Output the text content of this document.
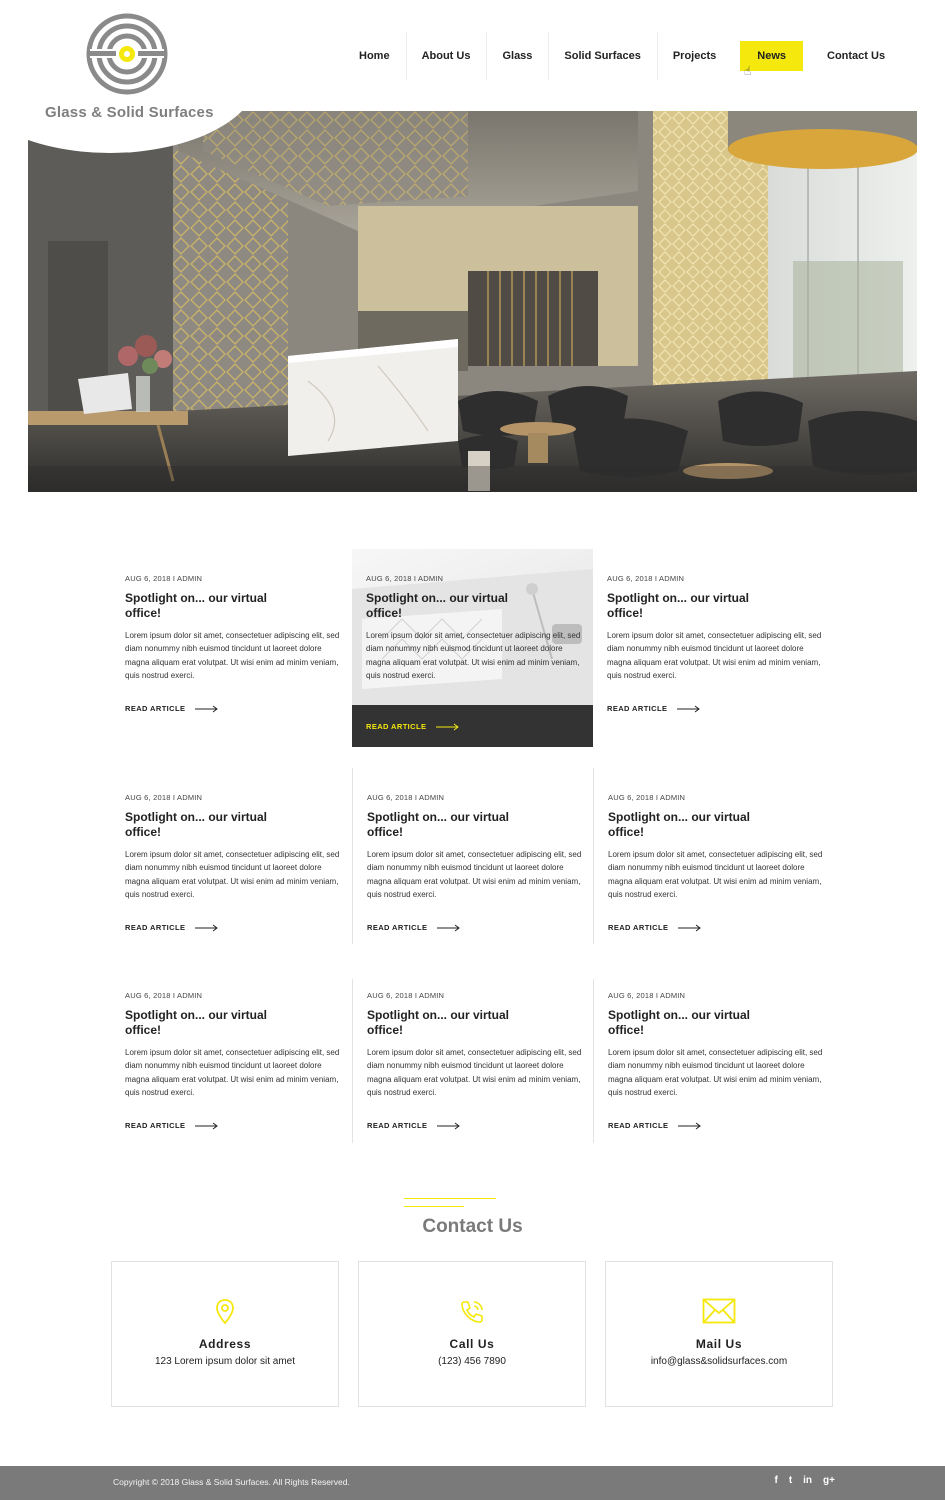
Glass & Solid Surfaces
Home	About Us	Glass	Solid Surfaces	Projects	News	Contact Us
☝
AUG 6, 2018 I ADMIN
Spotlight on... our virtual office!
Lorem ipsum dolor sit amet, consectetuer adipiscing elit, sed diam nonummy nibh euismod tincidunt ut laoreet dolore magna aliquam erat volutpat. Ut wisi enim ad minim veniam, quis nostrud exerci.
READ ARTICLE
AUG 6, 2018 I ADMIN
Spotlight on... our virtual office!
Lorem ipsum dolor sit amet, consectetuer adipiscing elit, sed diam nonummy nibh euismod tincidunt ut laoreet dolore magna aliquam erat volutpat. Ut wisi enim ad minim veniam, quis nostrud exerci.
READ ARTICLE
AUG 6, 2018 I ADMIN
Spotlight on... our virtual office!
Lorem ipsum dolor sit amet, consectetuer adipiscing elit, sed diam nonummy nibh euismod tincidunt ut laoreet dolore magna aliquam erat volutpat. Ut wisi enim ad minim veniam, quis nostrud exerci.
READ ARTICLE
AUG 6, 2018 I ADMIN
Spotlight on... our virtual office!
Lorem ipsum dolor sit amet, consectetuer adipiscing elit, sed diam nonummy nibh euismod tincidunt ut laoreet dolore magna aliquam erat volutpat. Ut wisi enim ad minim veniam, quis nostrud exerci.
READ ARTICLE
AUG 6, 2018 I ADMIN
Spotlight on... our virtual office!
Lorem ipsum dolor sit amet, consectetuer adipiscing elit, sed diam nonummy nibh euismod tincidunt ut laoreet dolore magna aliquam erat volutpat. Ut wisi enim ad minim veniam, quis nostrud exerci.
READ ARTICLE
AUG 6, 2018 I ADMIN
Spotlight on... our virtual office!
Lorem ipsum dolor sit amet, consectetuer adipiscing elit, sed diam nonummy nibh euismod tincidunt ut laoreet dolore magna aliquam erat volutpat. Ut wisi enim ad minim veniam, quis nostrud exerci.
READ ARTICLE
AUG 6, 2018 I ADMIN
Spotlight on... our virtual office!
Lorem ipsum dolor sit amet, consectetuer adipiscing elit, sed diam nonummy nibh euismod tincidunt ut laoreet dolore magna aliquam erat volutpat. Ut wisi enim ad minim veniam, quis nostrud exerci.
READ ARTICLE
AUG 6, 2018 I ADMIN
Spotlight on... our virtual office!
Lorem ipsum dolor sit amet, consectetuer adipiscing elit, sed diam nonummy nibh euismod tincidunt ut laoreet dolore magna aliquam erat volutpat. Ut wisi enim ad minim veniam, quis nostrud exerci.
READ ARTICLE
AUG 6, 2018 I ADMIN
Spotlight on... our virtual office!
Lorem ipsum dolor sit amet, consectetuer adipiscing elit, sed diam nonummy nibh euismod tincidunt ut laoreet dolore magna aliquam erat volutpat. Ut wisi enim ad minim veniam, quis nostrud exerci.
READ ARTICLE
Contact Us
Address
123 Lorem ipsum dolor sit amet
Call Us
(123) 456 7890
Mail Us
info@glass&solidsurfaces.com
Copyright © 2018 Glass & Solid Surfaces. All Rights Reserved.	f t in g+
